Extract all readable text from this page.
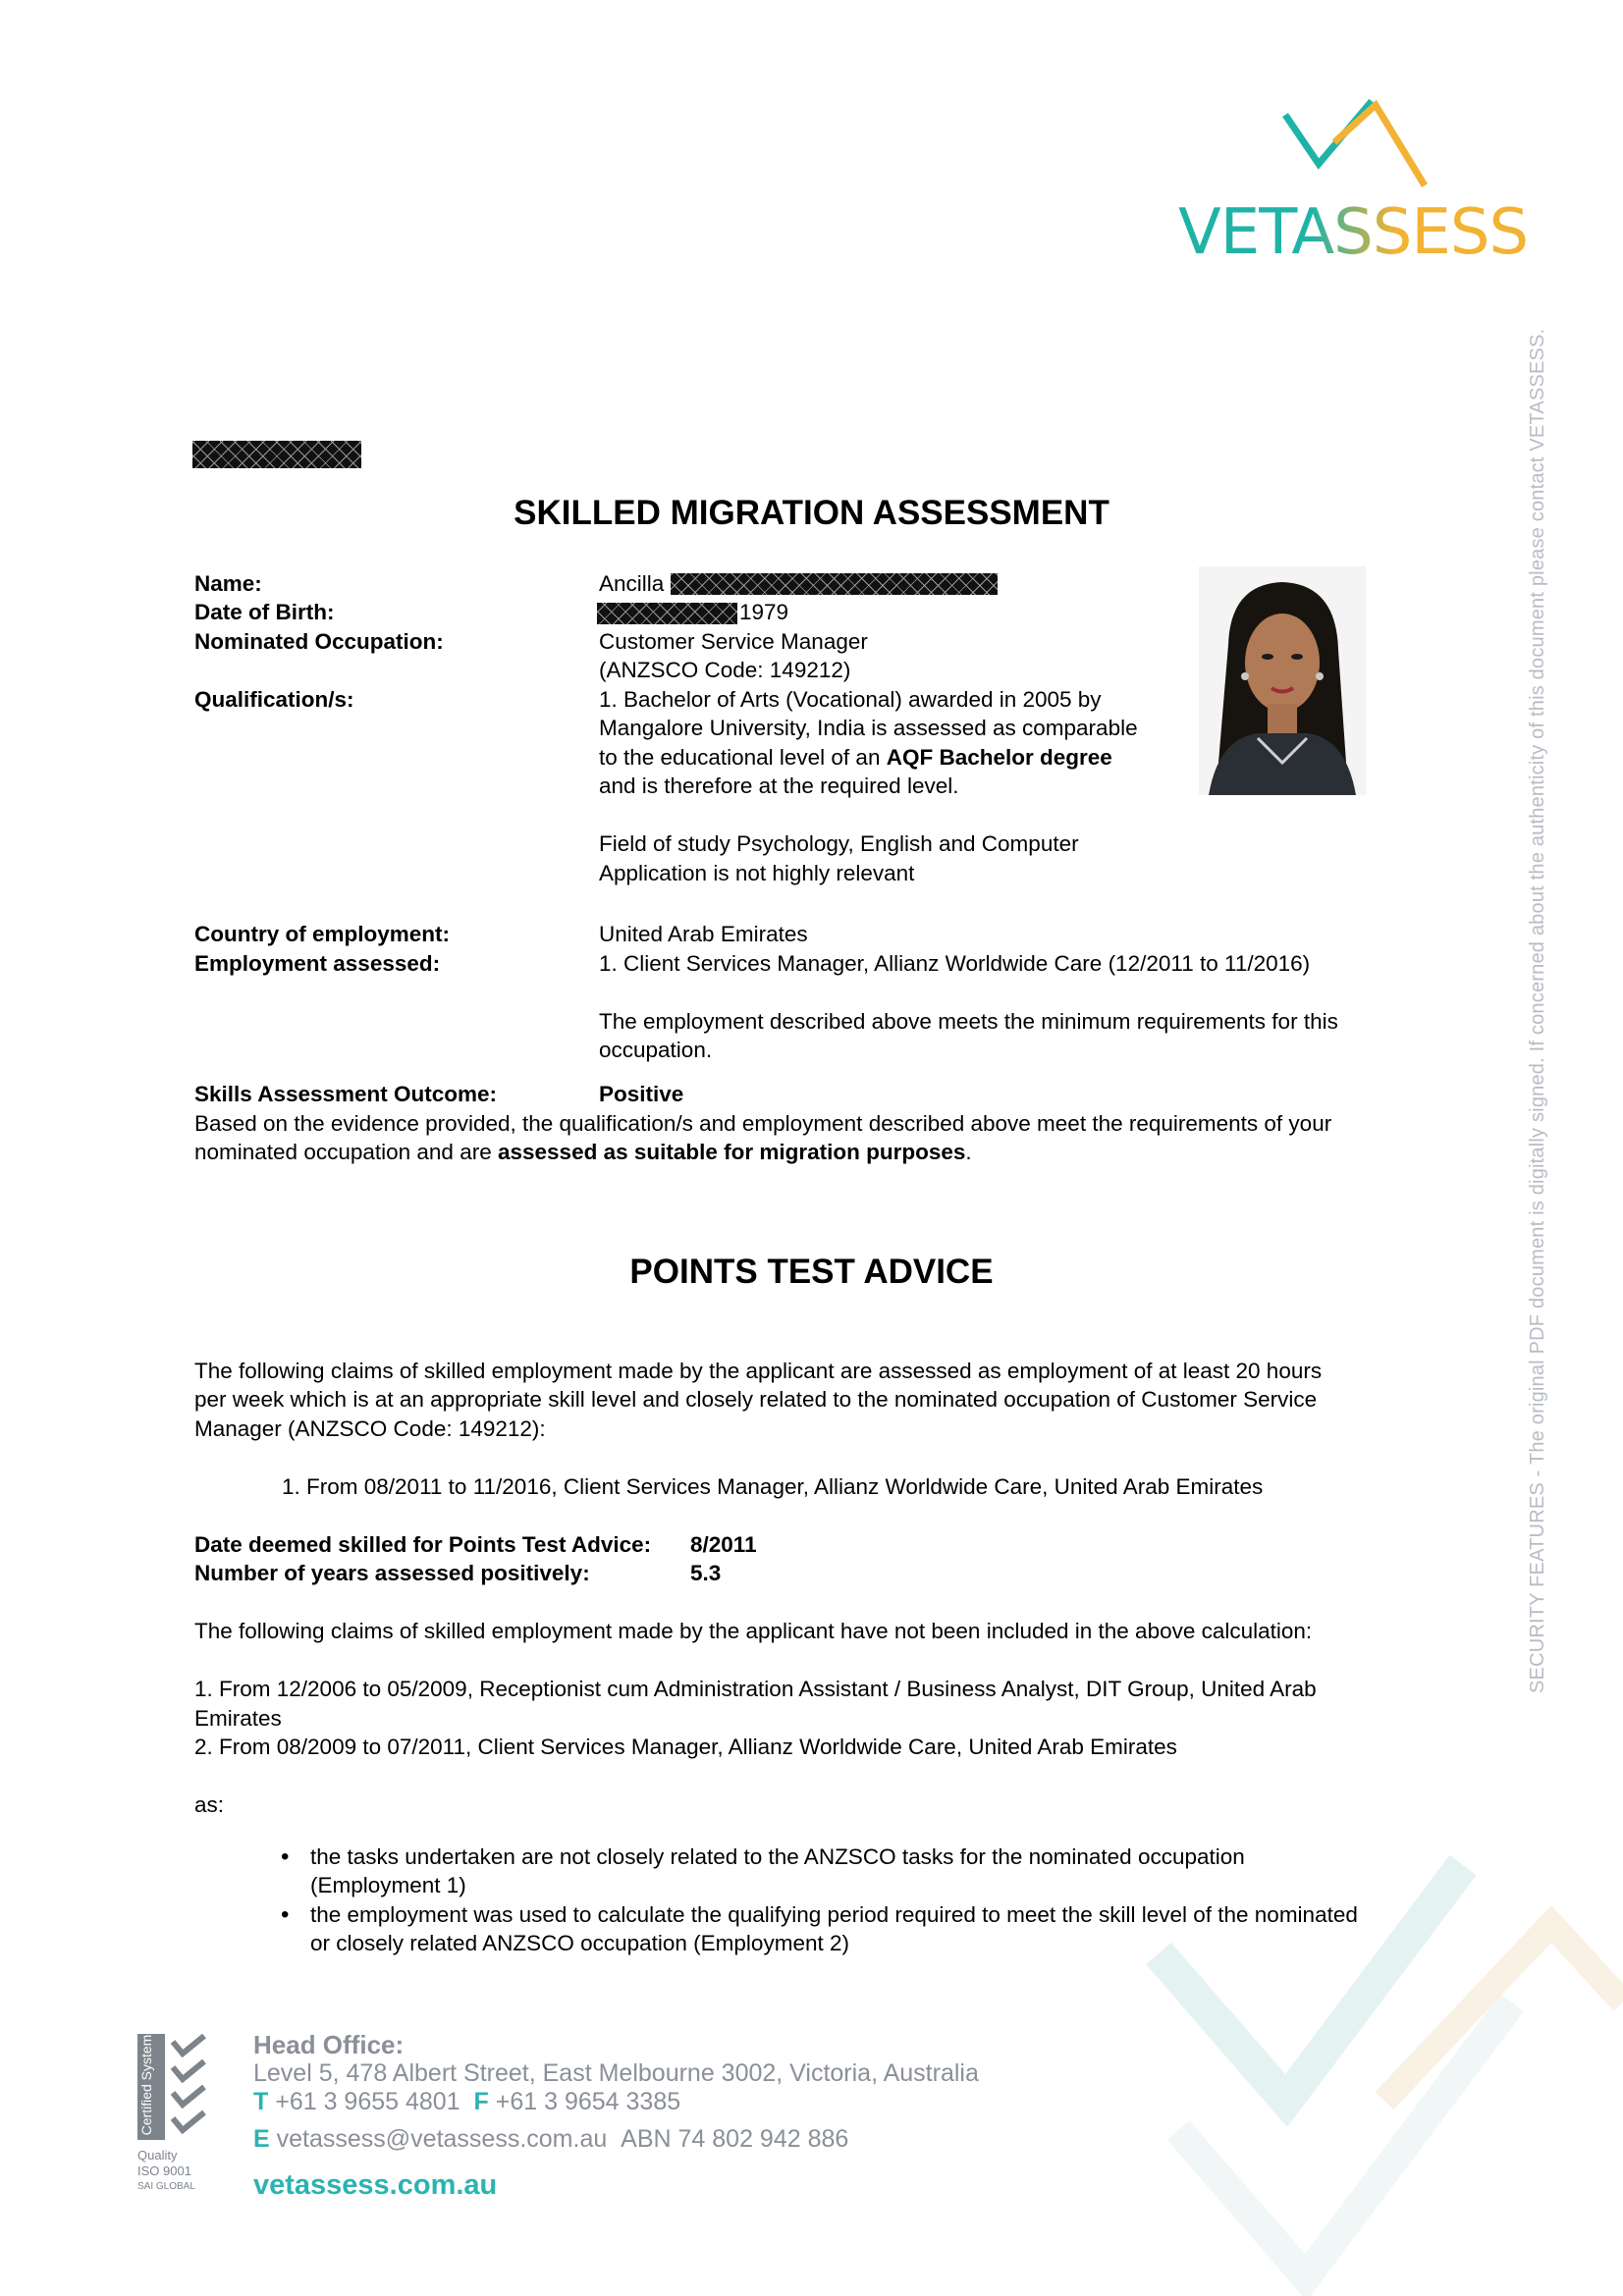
VETASSESS
SECURITY FEATURES - The original PDF document is digitally signed. If concerned about the authenticity of this document please contact VETASSESS.
SKILLED MIGRATION ASSESSMENT
Name:
Date of Birth:
Nominated Occupation:
Qualification/s:
Ancilla
1979
Customer Service Manager
(ANZSCO Code: 149212)
1. Bachelor of Arts (Vocational) awarded in 2005 by
Mangalore University, India is assessed as comparable
to the educational level of an AQF Bachelor degree
and is therefore at the required level.
Field of study Psychology, English and Computer
Application is not highly relevant
Country of employment:
Employment assessed:
United Arab Emirates
1. Client Services Manager, Allianz Worldwide Care (12/2011 to 11/2016)
The employment described above meets the minimum requirements for this
occupation.
Skills Assessment Outcome:	Positive
Based on the evidence provided, the qualification/s and employment described above meet the requirements of your
nominated occupation and are assessed as suitable for migration purposes.
POINTS TEST ADVICE
The following claims of skilled employment made by the applicant are assessed as employment of at least 20 hours
per week which is at an appropriate skill level and closely related to the nominated occupation of Customer Service
Manager (ANZSCO Code: 149212):
1. From 08/2011 to 11/2016, Client Services Manager, Allianz Worldwide Care, United Arab Emirates
Date deemed skilled for Points Test Advice: 8/2011
Number of years assessed positively:	5.3
The following claims of skilled employment made by the applicant have not been included in the above calculation:
1. From 12/2006 to 05/2009, Receptionist cum Administration Assistant / Business Analyst, DIT Group, United Arab
Emirates
2. From 08/2009 to 07/2011, Client Services Manager, Allianz Worldwide Care, United Arab Emirates
as:
• the tasks undertaken are not closely related to the ANZSCO tasks for the nominated occupation
(Employment 1)
• the employment was used to calculate the qualifying period required to meet the skill level of the nominated
or closely related ANZSCO occupation (Employment 2)
Certified System
Quality
ISO 9001
SAI GLOBAL
Head Office:
Level 5, 478 Albert Street, East Melbourne 3002, Victoria, Australia
T +61 3 9655 4801 F +61 3 9654 3385
E vetassess@vetassess.com.au ABN 74 802 942 886
vetassess.com.au
